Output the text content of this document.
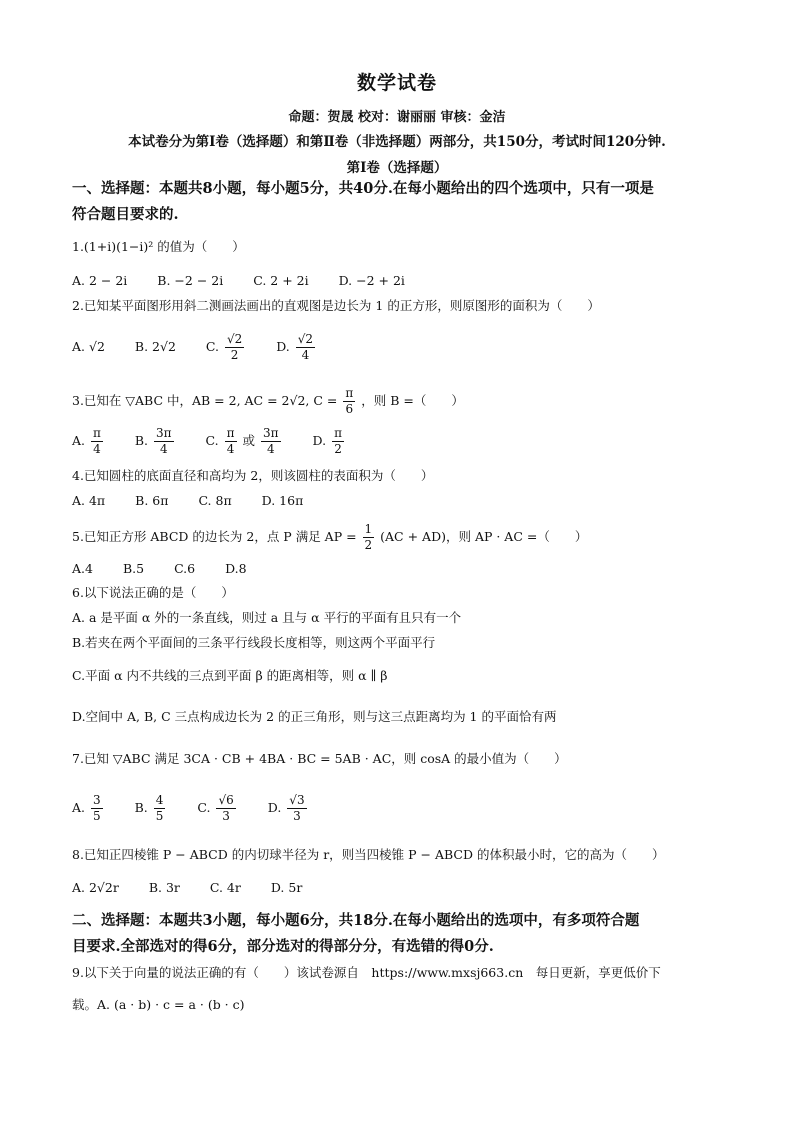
数学试卷
命题：贺晟 校对：谢丽丽 审核：金洁
本试卷分为第Ⅰ卷（选择题）和第Ⅱ卷（非选择题）两部分，共150分，考试时间120分钟.
第Ⅰ卷（选择题）
一、选择题：本题共8小题，每小题5分，共40分.在每小题给出的四个选项中，只有一项是
符合题目要求的.
1.(1+i)(1−i)² 的值为（　　）
A. 2 − 2i B. −2 − 2i C. 2 + 2i D. −2 + 2i
2.已知某平面图形用斜二测画法画出的直观图是边长为 1 的正方形，则原图形的面积为（　　）
A. √2 B. 2√2 C. $\frac{√2}{2}$	D. $\frac{√2}{4}$
3.已知在 ▽ABC 中，AB = 2, AC = 2√2, $C = \frac{\pi}{6}$ ，则 B =（　　）
A. $\frac{\pi}{4}$	B. $\frac{3\pi}{4}$	C. $\frac{\pi}{4}$ 或 $\frac{3\pi}{4}$	D. $\frac{\pi}{2}$
4.已知圆柱的底面直径和高均为 2，则该圆柱的表面积为（　　）
A. 4π B. 6π C. 8π D. 16π
5.已知正方形 ABCD 的边长为 2，点 P 满足 AP = $\frac{1}{2} (AC + AD)$，则 AP · AC =（　　）
A.4 B.5 C.6 D.8
6.以下说法正确的是（　　）
A. a 是平面 α 外的一条直线，则过 a 且与 α 平行的平面有且只有一个
B.若夹在两个平面间的三条平行线段长度相等，则这两个平面平行
C.平面 α 内不共线的三点到平面 β 的距离相等，则 α ∥ β
D.空间中 A, B, C 三点构成边长为 2 的正三角形，则与这三点距离均为 1 的平面恰有两
7.已知 ▽ABC 满足 3CA · CB + 4BA · BC = 5AB · AC，则 cosA 的最小值为（　　）
A. $\frac{3}{5}$	B. $\frac{4}{5}$	C. $\frac{√6}{3}$	D. $\frac{√3}{3}$
8.已知正四棱锥 P − ABCD 的内切球半径为 r，则当四棱锥 P − ABCD 的体积最小时，它的高为（　　）
A. 2√2r B. 3r C. 4r D. 5r
二、选择题：本题共3小题，每小题6分，共18分.在每小题给出的选项中，有多项符合题
目要求.全部选对的得6分，部分选对的得部分分，有选错的得0分.
9.以下关于向量的说法正确的有（　　）该试卷源自　https://www.mxsj663.cn　每日更新，享更低价下
载。A. (a · b) · c = a · (b · c)
